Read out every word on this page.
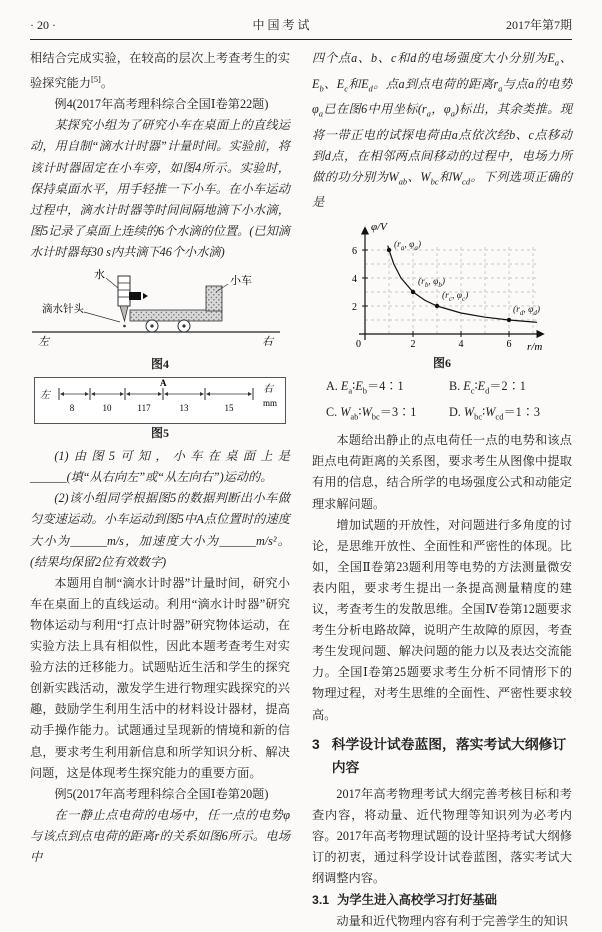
· 20 ·	中 国 考 试	2017年第7期

相结合完成实验，在较高的层次上考查考生的实验探究能力[5]。

例4(2017年高考理科综合全国Ⅰ卷第22题)

某探究小组为了研究小车在桌面上的直线运动，用自制“滴水计时器”计量时间。实验前，将该计时器固定在小车旁，如图4所示。实验时，保持桌面水平，用手轻推一下小车。在小车运动过程中，滴水计时器等时间间隔地滴下小水滴，图5记录了桌面上连续的6个水滴的位置。(已知滴水计时器每30 s内共滴下46个小水滴)

水	小车
滴水针头
左	右
图4
A
8	10	117	13	15
左
右
mm
图5

(1)由图5可知，小车在桌面上是______(填“从右向左”或“从左向右”)运动的。

(2)该小组同学根据图5的数据判断出小车做匀变速运动。小车运动到图5中A点位置时的速度大小为______m/s，加速度大小为______m/s²。(结果均保留2位有效数字)

本题用自制“滴水计时器”计量时间，研究小车在桌面上的直线运动。利用“滴水计时器”研究物体运动与利用“打点计时器”研究物体运动，在实验方法上具有相似性，因此本题考查考生对实验方法的迁移能力。试题贴近生活和学生的探究创新实践活动，激发学生进行物理实践探究的兴趣，鼓励学生利用生活中的材料设计器材，提高动手操作能力。试题通过呈现新的情境和新的信息，要求考生利用新信息和所学知识分析、解决问题，这是体现考生探究能力的重要方面。

例5(2017年高考理科综合全国Ⅰ卷第20题)

在一静止点电荷的电场中，任一点的电势φ与该点到点电荷的距离r的关系如图6所示。电场中

四个点a、b、c和d的电场强度大小分别为$E_a$、$E_b$、$E_c$和$E_d$。点a到点电荷的距离$r_a$与点a的电势$\varphi_a$已在图6中用坐标($r_a$，$\varphi_a$)标出，其余类推。现将一带正电的试探电荷由a点依次经b、c点移动到d点，在相邻两点间移动的过程中，电场力所做的功分别为$W_{ab}$、$W_{bc}$和$W_{cd}$。下列选项正确的是

φ/V
r/m
6
4
2
0	2	4	6
($r_a$, $\varphi_a$)
($r_b$, $\varphi_b$)
($r_c$, $\varphi_c$)
($r_d$, $\varphi_d$)
图6
A. $E_a∶E_b=4∶1$	B. $E_c∶E_d=2∶1$
C. $W_{ab}∶W_{bc}=3∶1$	D. $W_{bc}∶W_{cd}=1∶3$

本题给出静止的点电荷任一点的电势和该点距点电荷距离的关系图，要求考生从图像中提取有用的信息，结合所学的电场强度公式和动能定理求解问题。

增加试题的开放性，对问题进行多角度的讨论，是思维开放性、全面性和严密性的体现。比如，全国Ⅱ卷第23题利用等电势的方法测量微安表内阻，要求考生提出一条提高测量精度的建议，考查考生的发散思维。全国Ⅳ卷第12题要求考生分析电路故障，说明产生故障的原因，考查考生发现问题、解决问题的能力以及表达交流能力。全国Ⅰ卷第25题要求考生分析不同情形下的物理过程，对考生思维的全面性、严密性要求较高。

3 科学设计试卷蓝图，落实考试大纲修订内容

2017年高考物理考试大纲完善考核目标和考查内容，将动量、近代物理等知识列为必考内容。2017年高考物理试题的设计坚持考试大纲修订的初衷，通过科学设计试卷蓝图，落实考试大纲调整内容。

3.1 为学生进入高校学习打好基础

动量和近代物理内容有利于完善学生的知识
